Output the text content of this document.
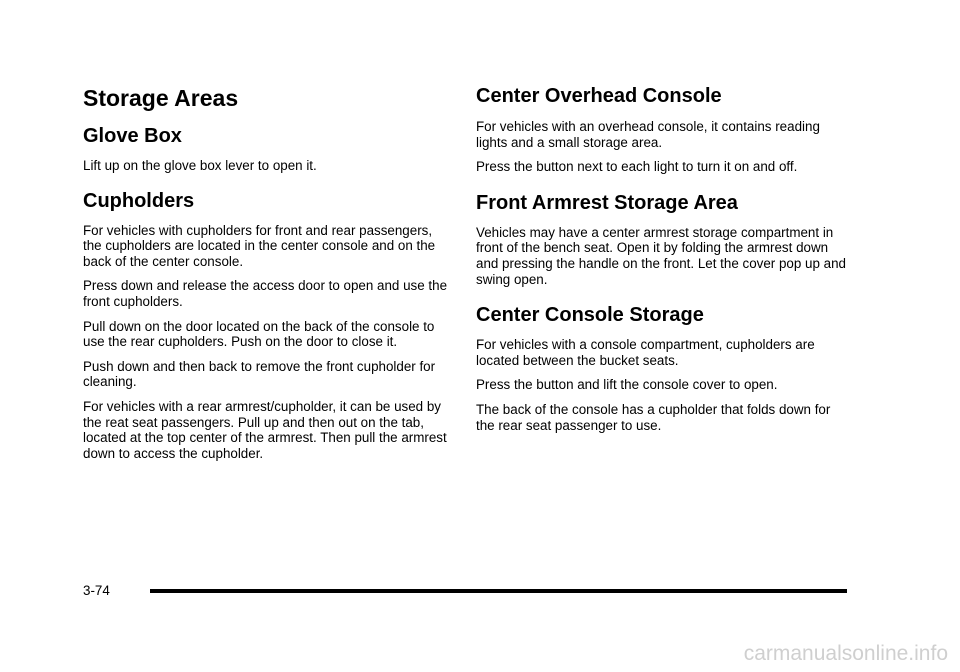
Storage Areas
Glove Box

Lift up on the glove box lever to open it.

Cupholders

For vehicles with cupholders for front and rear passengers, the cupholders are located in the center console and on the back of the center console.

Press down and release the access door to open and use the front cupholders.

Pull down on the door located on the back of the console to use the rear cupholders. Push on the door to close it.

Push down and then back to remove the front cupholder for cleaning.

For vehicles with a rear armrest/cupholder, it can be used by the reat seat passengers. Pull up and then out on the tab, located at the top center of the armrest. Then pull the armrest down to access the cupholder.

Center Overhead Console

For vehicles with an overhead console, it contains reading lights and a small storage area.

Press the button next to each light to turn it on and off.

Front Armrest Storage Area

Vehicles may have a center armrest storage compartment in front of the bench seat. Open it by folding the armrest down and pressing the handle on the front. Let the cover pop up and swing open.

Center Console Storage

For vehicles with a console compartment, cupholders are located between the bucket seats.

Press the button and lift the console cover to open.

The back of the console has a cupholder that folds down for the rear seat passenger to use.

3-74
carmanualsonline.info
